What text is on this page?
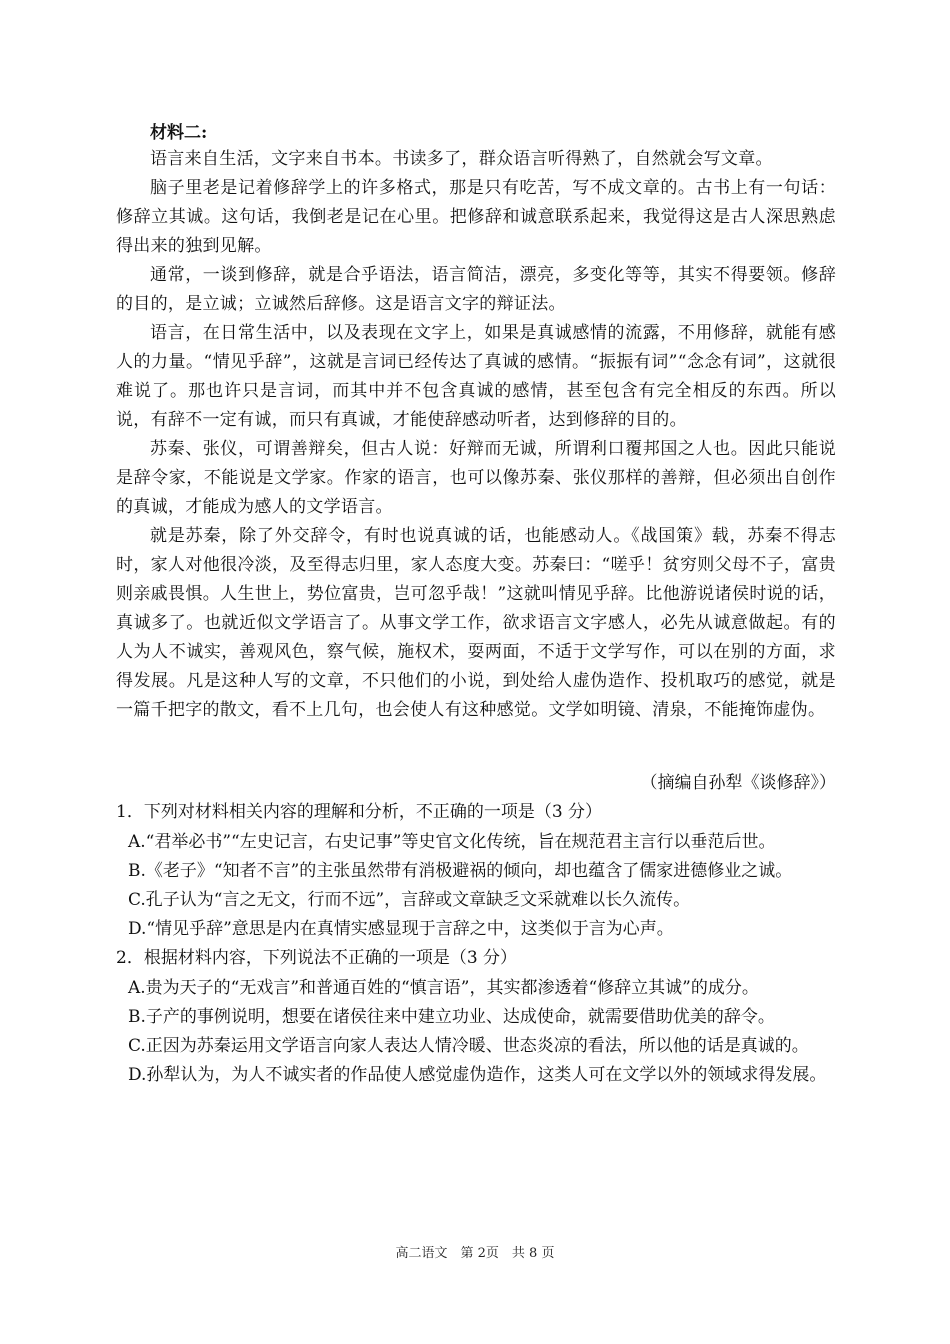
材料二:

语言来自生活，文字来自书本。书读多了，群众语言听得熟了，自然就会写文章。

脑子里老是记着修辞学上的许多格式，那是只有吃苦，写不成文章的。古书上有一句话：修辞立其诚。这句话，我倒老是记在心里。把修辞和诚意联系起来，我觉得这是古人深思熟虑得出来的独到见解。

通常，一谈到修辞，就是合乎语法，语言简洁，漂亮，多变化等等，其实不得要领。修辞的目的，是立诚；立诚然后辞修。这是语言文字的辩证法。

语言，在日常生活中，以及表现在文字上，如果是真诚感情的流露，不用修辞，就能有感人的力量。“情见乎辞”，这就是言词已经传达了真诚的感情。“振振有词”“念念有词”，这就很难说了。那也许只是言词，而其中并不包含真诚的感情，甚至包含有完全相反的东西。所以说，有辞不一定有诚，而只有真诚，才能使辞感动听者，达到修辞的目的。

苏秦、张仪，可谓善辩矣，但古人说：好辩而无诚，所谓利口覆邦国之人也。因此只能说是辞令家，不能说是文学家。作家的语言，也可以像苏秦、张仪那样的善辩，但必须出自创作的真诚，才能成为感人的文学语言。

就是苏秦，除了外交辞令，有时也说真诚的话，也能感动人。《战国策》载，苏秦不得志时，家人对他很冷淡，及至得志归里，家人态度大变。苏秦曰：“嗟乎！贫穷则父母不子，富贵则亲戚畏惧。人生世上，势位富贵，岂可忽乎哉！”这就叫情见乎辞。比他游说诸侯时说的话，真诚多了。也就近似文学语言了。从事文学工作，欲求语言文字感人，必先从诚意做起。有的人为人不诚实，善观风色，察气候，施权术，耍两面，不适于文学写作，可以在别的方面，求得发展。凡是这种人写的文章，不只他们的小说，到处给人虚伪造作、投机取巧的感觉，就是一篇千把字的散文，看不上几句，也会使人有这种感觉。文学如明镜、清泉，不能掩饰虚伪。

（摘编自孙犁《谈修辞》）

1．下列对材料相关内容的理解和分析，不正确的一项是（3 分）

A.“君举必书”“左史记言，右史记事”等史官文化传统，旨在规范君主言行以垂范后世。

B.《老子》“知者不言”的主张虽然带有消极避祸的倾向，却也蕴含了儒家进德修业之诚。

C.孔子认为“言之无文，行而不远”，言辞或文章缺乏文采就难以长久流传。

D.“情见乎辞”意思是内在真情实感显现于言辞之中，这类似于言为心声。

2．根据材料内容，下列说法不正确的一项是（3 分）

A.贵为天子的“无戏言”和普通百姓的“慎言语”，其实都渗透着“修辞立其诚”的成分。

B.子产的事例说明，想要在诸侯往来中建立功业、达成使命，就需要借助优美的辞令。

C.正因为苏秦运用文学语言向家人表达人情冷暖、世态炎凉的看法，所以他的话是真诚的。

D.孙犁认为，为人不诚实者的作品使人感觉虚伪造作，这类人可在文学以外的领域求得发展。

高二语文　第 2页　共 8 页
